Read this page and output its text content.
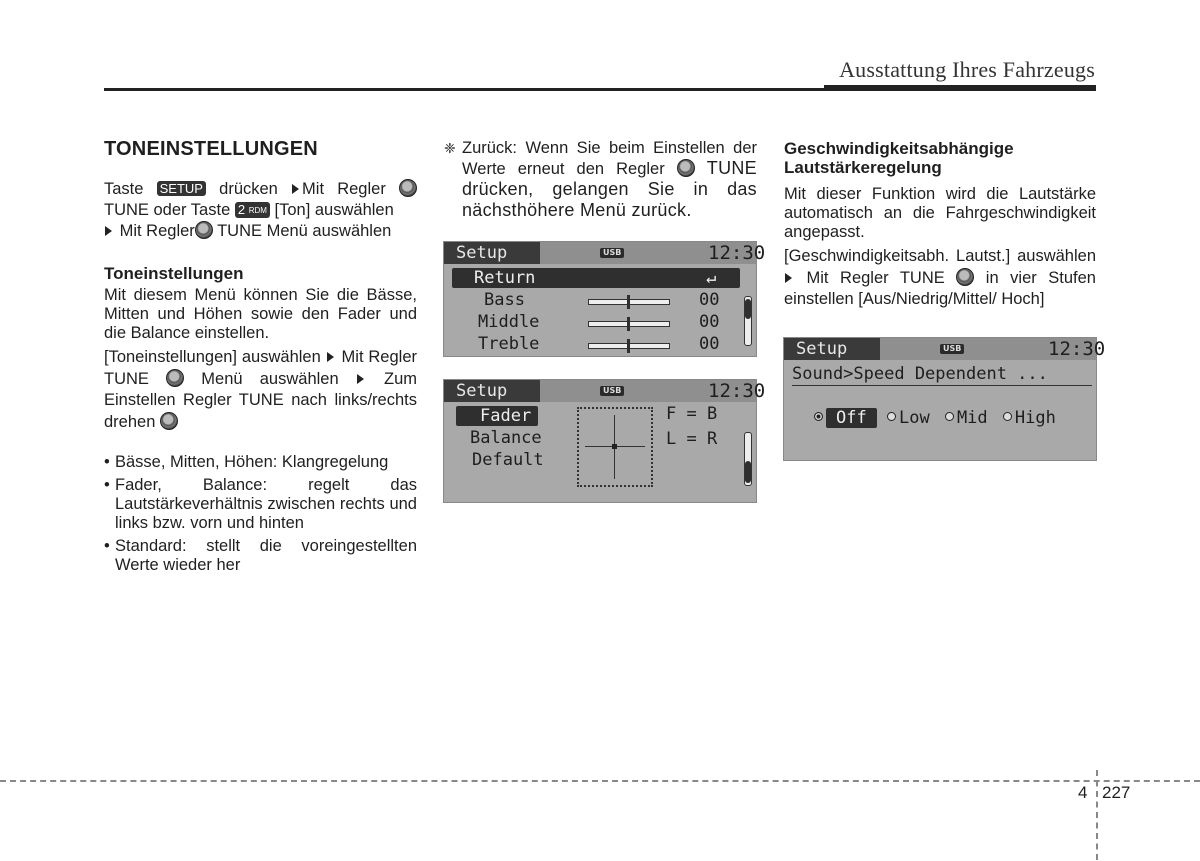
Ausstattung Ihres Fahrzeugs
TONEINSTELLUNGEN

Taste SETUP drücken Mit Regler  TUNE oder Taste 2 RDM [Ton] auswählen
Mit Regler TUNE Menü auswählen

Toneinstellungen

Mit diesem Menü können Sie die Bässe, Mitten und Höhen sowie den Fader und die Balance einstellen.

[Toneinstellungen] auswählen Mit Regler TUNE	Menü auswählen	Zum Einstellen Regler TUNE nach links/rechts drehen

• Bässe, Mitten, Höhen: Klangregelung
• Fader, Balance: regelt das Lautstärkeverhältnis zwischen rechts und links bzw. vorn und hinten
• Standard: stellt die voreingestellten Werte wieder her
❈ Zurück: Wenn Sie beim Einstellen der Werte erneut den Regler TUNE drücken, gelangen Sie in das nächsthöhere Menü zurück.
Setup	USB	12:30
Return	↵
Bass	00
Middle	00
Treble	00
Setup	USB	12:30
Fader
Balance
Default
F = B
L = R
Geschwindigkeitsabhängige
Lautstärkeregelung

Mit dieser Funktion wird die Lautstärke automatisch an die Fahrgeschwindigkeit angepasst.

[Geschwindigkeitsabh. Lautst.] auswählen  Mit Regler TUNE in vier Stufen einstellen [Aus/Niedrig/Mittel/ Hoch]

Setup	USB	12:30
Sound>Speed Dependent ...
Off Low Mid High
4 227
